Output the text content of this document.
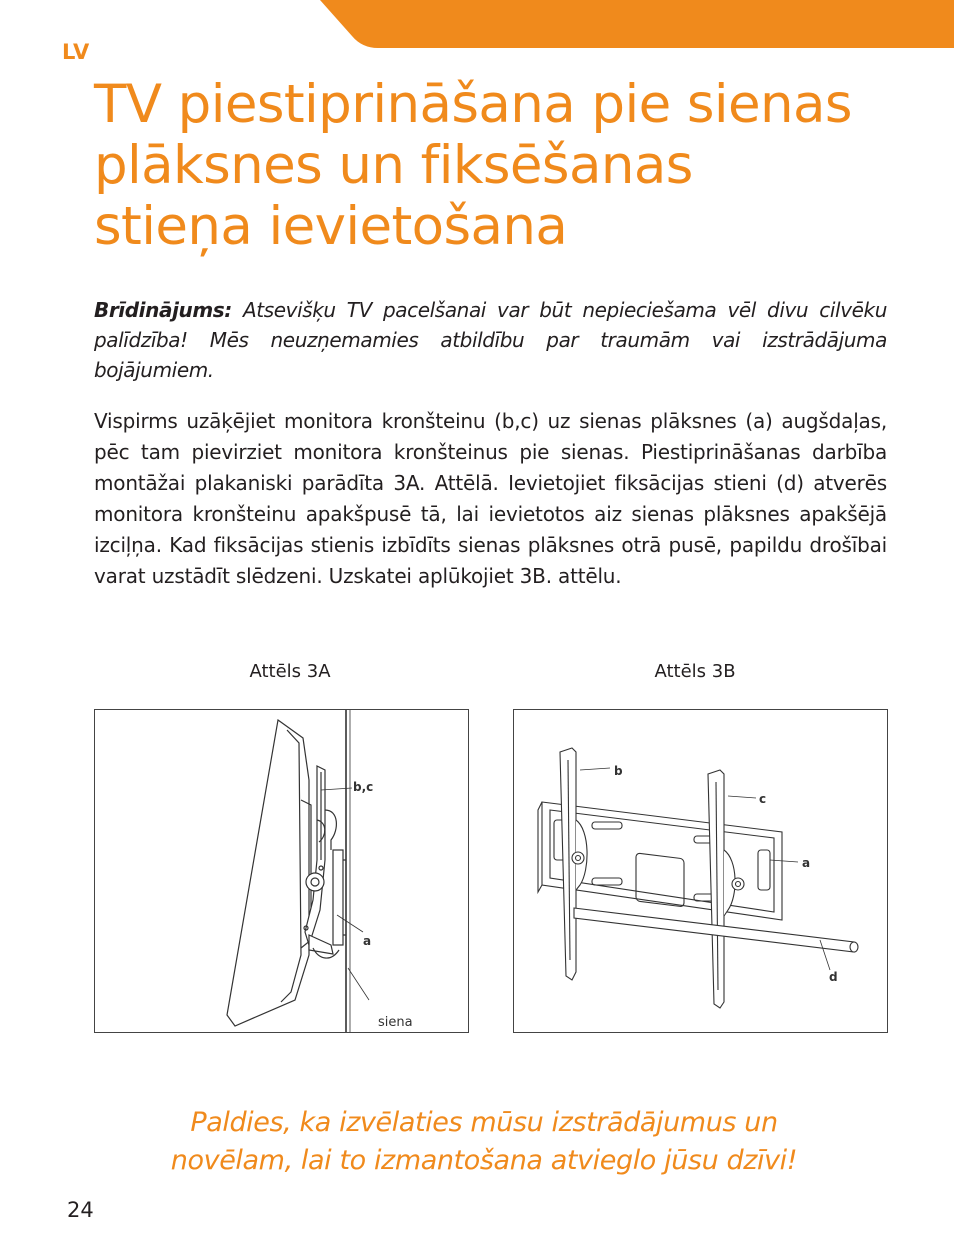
LV
TV piestiprināšana pie sienas
plāksnes un fiksēšanas
stieņa ievietošana

Brīdinājums: Atsevišķu TV pacelšanai var būt nepieciešama vēl divu cilvēku palīdzība! Mēs neuzņemamies atbildību par traumām vai izstrādājuma bojājumiem.

Vispirms uzāķējiet monitora kronšteinu (b,c) uz sienas plāksnes (a) augšdaļas, pēc tam pievirziet monitora kronšteinus pie sienas. Piestiprināšanas darbība montāžai plakaniski parādīta 3A. Attēlā. Ievietojiet fiksācijas stieni (d) atverēs monitora kronšteinu apakšpusē tā, lai ievietotos aiz sienas plāksnes apakšējā izciļņa. Kad fiksācijas stienis izbīdīts sienas plāksnes otrā pusē, papildu drošībai varat uzstādīt slēdzeni. Uzskatei aplūkojiet 3B. attēlu.

Attēls 3A	Attēls 3B
b,c
a
siena
b
c
a
d

Paldies, ka izvēlaties mūsu izstrādājumus un
novēlam, lai to izmantošana atvieglo jūsu dzīvi!

24
